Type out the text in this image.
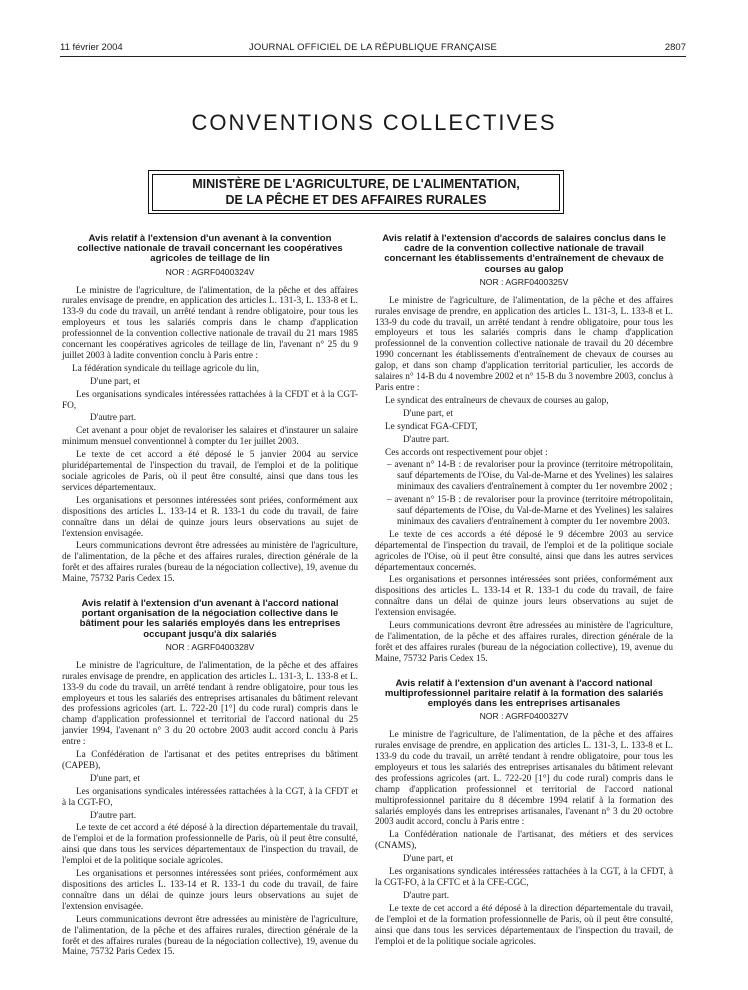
11 février 2004	JOURNAL OFFICIEL DE LA RÉPUBLIQUE FRANÇAISE	2807
CONVENTIONS COLLECTIVES
MINISTÈRE DE L'AGRICULTURE, DE L'ALIMENTATION,
DE LA PÊCHE ET DES AFFAIRES RURALES
Avis relatif à l'extension d'un avenant à la convention collective nationale de travail concernant les coopératives agricoles de teillage de lin
NOR : AGRF0400324V

Le ministre de l'agriculture, de l'alimentation, de la pêche et des affaires rurales envisage de prendre, en application des articles L. 131-3, L. 133-8 et L. 133-9 du code du travail, un arrêté tendant à rendre obligatoire, pour tous les employeurs et tous les salariés compris dans le champ d'application professionnel de la convention collective nationale de travail du 21 mars 1985 concernant les coopératives agricoles de teillage de lin, l'avenant n° 25 du 9 juillet 2003 à ladite convention conclu à Paris entre :

La fédération syndicale du teillage agricole du lin,

D'une part, et

Les organisations syndicales intéressées rattachées à la CFDT et à la CGT-FO,

D'autre part.

Cet avenant a pour objet de revaloriser les salaires et d'instaurer un salaire minimum mensuel conventionnel à compter du 1er juillet 2003.

Le texte de cet accord a été déposé le 5 janvier 2004 au service pluridépartemental de l'inspection du travail, de l'emploi et de la politique sociale agricoles de Paris, où il peut être consulté, ainsi que dans tous les services départementaux.

Les organisations et personnes intéressées sont priées, conformément aux dispositions des articles L. 133-14 et R. 133-1 du code du travail, de faire connaître dans un délai de quinze jours leurs observations au sujet de l'extension envisagée.

Leurs communications devront être adressées au ministère de l'agriculture, de l'alimentation, de la pêche et des affaires rurales, direction générale de la forêt et des affaires rurales (bureau de la négociation collective), 19, avenue du Maine, 75732 Paris Cedex 15.

Avis relatif à l'extension d'un avenant à l'accord national portant organisation de la négociation collective dans le bâtiment pour les salariés employés dans les entreprises occupant jusqu'à dix salariés
NOR : AGRF0400328V

Le ministre de l'agriculture, de l'alimentation, de la pêche et des affaires rurales envisage de prendre, en application des articles L. 131-3, L. 133-8 et L. 133-9 du code du travail, un arrêté tendant à rendre obligatoire, pour tous les employeurs et tous les salariés des entreprises artisanales du bâtiment relevant des professions agricoles (art. L. 722-20 [1°] du code rural) compris dans le champ d'application professionnel et territorial de l'accord national du 25 janvier 1994, l'avenant n° 3 du 20 octobre 2003 audit accord conclu à Paris entre :

La Confédération de l'artisanat et des petites entreprises du bâtiment (CAPEB),

D'une part, et

Les organisations syndicales intéressées rattachées à la CGT, à la CFDT et à la CGT-FO,

D'autre part.

Le texte de cet accord a été déposé à la direction départementale du travail, de l'emploi et de la formation professionnelle de Paris, où il peut être consulté, ainsi que dans tous les services départementaux de l'inspection du travail, de l'emploi et de la politique sociale agricoles.

Les organisations et personnes intéressées sont priées, conformément aux dispositions des articles L. 133-14 et R. 133-1 du code du travail, de faire connaître dans un délai de quinze jours leurs observations au sujet de l'extension envisagée.

Leurs communications devront être adressées au ministère de l'agriculture, de l'alimentation, de la pêche et des affaires rurales, direction générale de la forêt et des affaires rurales (bureau de la négociation collective), 19, avenue du Maine, 75732 Paris Cedex 15.

Avis relatif à l'extension d'accords de salaires conclus dans le cadre de la convention collective nationale de travail concernant les établissements d'entraînement de chevaux de courses au galop
NOR : AGRF0400325V

Le ministre de l'agriculture, de l'alimentation, de la pêche et des affaires rurales envisage de prendre, en application des articles L. 131-3, L. 133-8 et L. 133-9 du code du travail, un arrêté tendant à rendre obligatoire, pour tous les employeurs et tous les salariés compris dans le champ d'application professionnel de la convention collective nationale de travail du 20 décembre 1990 concernant les établissements d'entraînement de chevaux de courses au galop, et dans son champ d'application territorial particulier, les accords de salaires n° 14-B du 4 novembre 2002 et n° 15-B du 3 novembre 2003, conclus à Paris entre :

Le syndicat des entraîneurs de chevaux de courses au galop,

D'une part, et

Le syndicat FGA-CFDT,

D'autre part.

Ces accords ont respectivement pour objet :

– avenant n° 14-B : de revaloriser pour la province (territoire métropolitain, sauf départements de l'Oise, du Val-de-Marne et des Yvelines) les salaires minimaux des cavaliers d'entraînement à compter du 1er novembre 2002 ;

– avenant n° 15-B : de revaloriser pour la province (territoire métropolitain, sauf départements de l'Oise, du Val-de-Marne et des Yvelines) les salaires minimaux des cavaliers d'entraînement à compter du 1er novembre 2003.

Le texte de ces accords a été déposé le 9 décembre 2003 au service départemental de l'inspection du travail, de l'emploi et de la politique sociale agricoles de l'Oise, où il peut être consulté, ainsi que dans les autres services départementaux concernés.

Les organisations et personnes intéressées sont priées, conformément aux dispositions des articles L. 133-14 et R. 133-1 du code du travail, de faire connaître dans un délai de quinze jours leurs observations au sujet de l'extension envisagée.

Leurs communications devront être adressées au ministère de l'agriculture, de l'alimentation, de la pêche et des affaires rurales, direction générale de la forêt et des affaires rurales (bureau de la négociation collective), 19, avenue du Maine, 75732 Paris Cedex 15.

Avis relatif à l'extension d'un avenant à l'accord national multiprofessionnel paritaire relatif à la formation des salariés employés dans les entreprises artisanales
NOR : AGRF0400327V

Le ministre de l'agriculture, de l'alimentation, de la pêche et des affaires rurales envisage de prendre, en application des articles L. 131-3, L. 133-8 et L. 133-9 du code du travail, un arrêté tendant à rendre obligatoire, pour tous les employeurs et tous les salariés des entreprises artisanales du bâtiment relevant des professions agricoles (art. L. 722-20 [1°] du code rural) compris dans le champ d'application professionnel et territorial de l'accord national multiprofessionnel paritaire du 8 décembre 1994 relatif à la formation des salariés employés dans les entreprises artisanales, l'avenant n° 3 du 20 octobre 2003 audit accord, conclu à Paris entre :

La Confédération nationale de l'artisanat, des métiers et des services (CNAMS),

D'une part, et

Les organisations syndicales intéressées rattachées à la CGT, à la CFDT, à la CGT-FO, à la CFTC et à la CFE-CGC,

D'autre part.

Le texte de cet accord a été déposé à la direction départementale du travail, de l'emploi et de la formation professionnelle de Paris, où il peut être consulté, ainsi que dans tous les services départementaux de l'inspection du travail, de l'emploi et de la politique sociale agricoles.
